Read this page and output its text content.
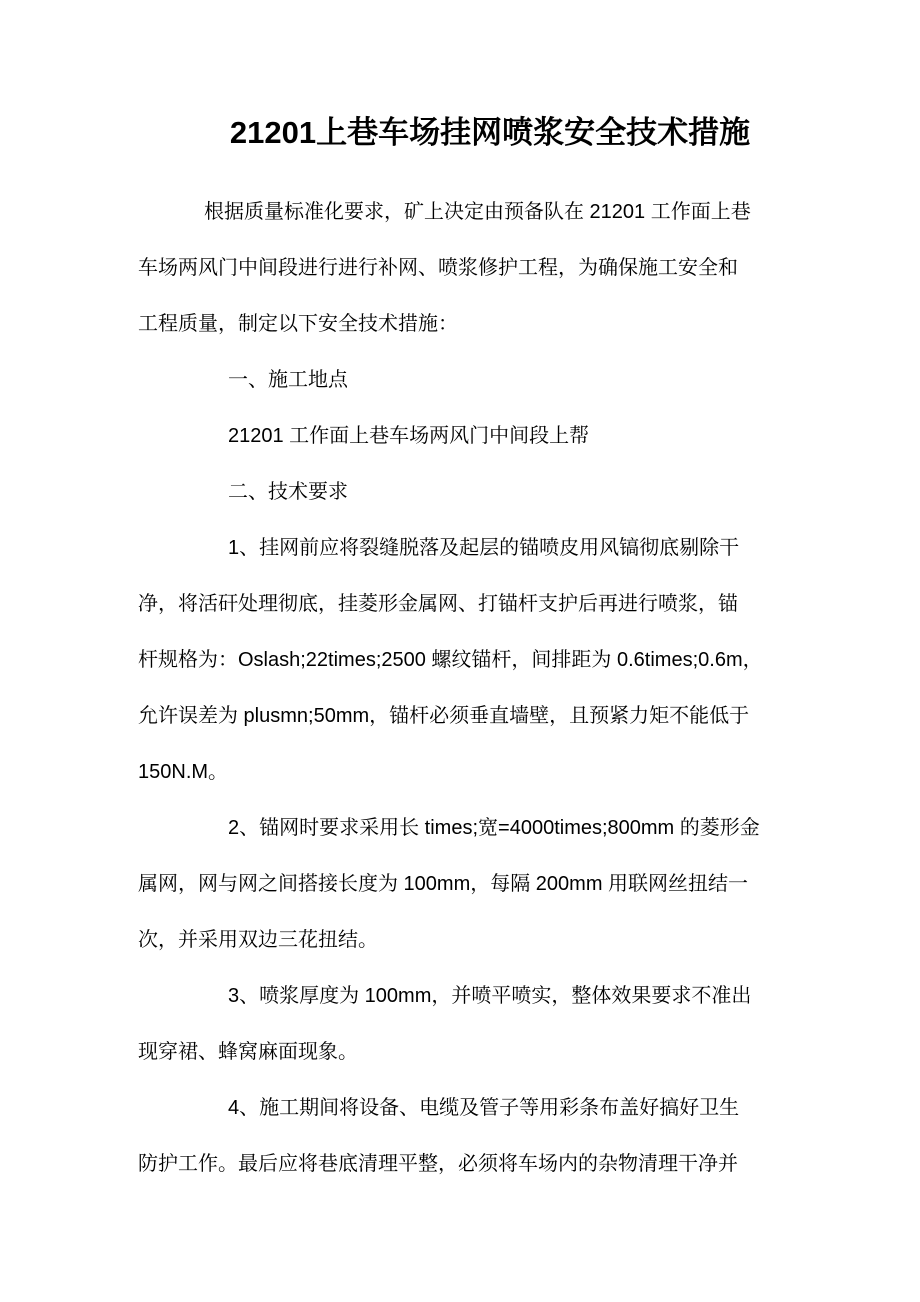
21201上巷车场挂网喷浆安全技术措施
根据质量标准化要求，矿上决定由预备队在 21201 工作面上巷
车场两风门中间段进行进行补网、喷浆修护工程，为确保施工安全和
工程质量，制定以下安全技术措施：
一、施工地点
21201 工作面上巷车场两风门中间段上帮
二、技术要求
1、挂网前应将裂缝脱落及起层的锚喷皮用风镐彻底剔除干
净，将活矸处理彻底，挂菱形金属网、打锚杆支护后再进行喷浆，锚
杆规格为：Oslash;22times;2500 螺纹锚杆，间排距为 0.6times;0.6m，
允许误差为 plusmn;50mm，锚杆必须垂直墙壁，且预紧力矩不能低于
150N.M。
2、锚网时要求采用长 times;宽=4000times;800mm 的菱形金
属网，网与网之间搭接长度为 100mm，每隔 200mm 用联网丝扭结一
次，并采用双边三花扭结。
3、喷浆厚度为 100mm，并喷平喷实，整体效果要求不准出
现穿裙、蜂窝麻面现象。
4、施工期间将设备、电缆及管子等用彩条布盖好搞好卫生
防护工作。最后应将巷底清理平整，必须将车场内的杂物清理干净并
